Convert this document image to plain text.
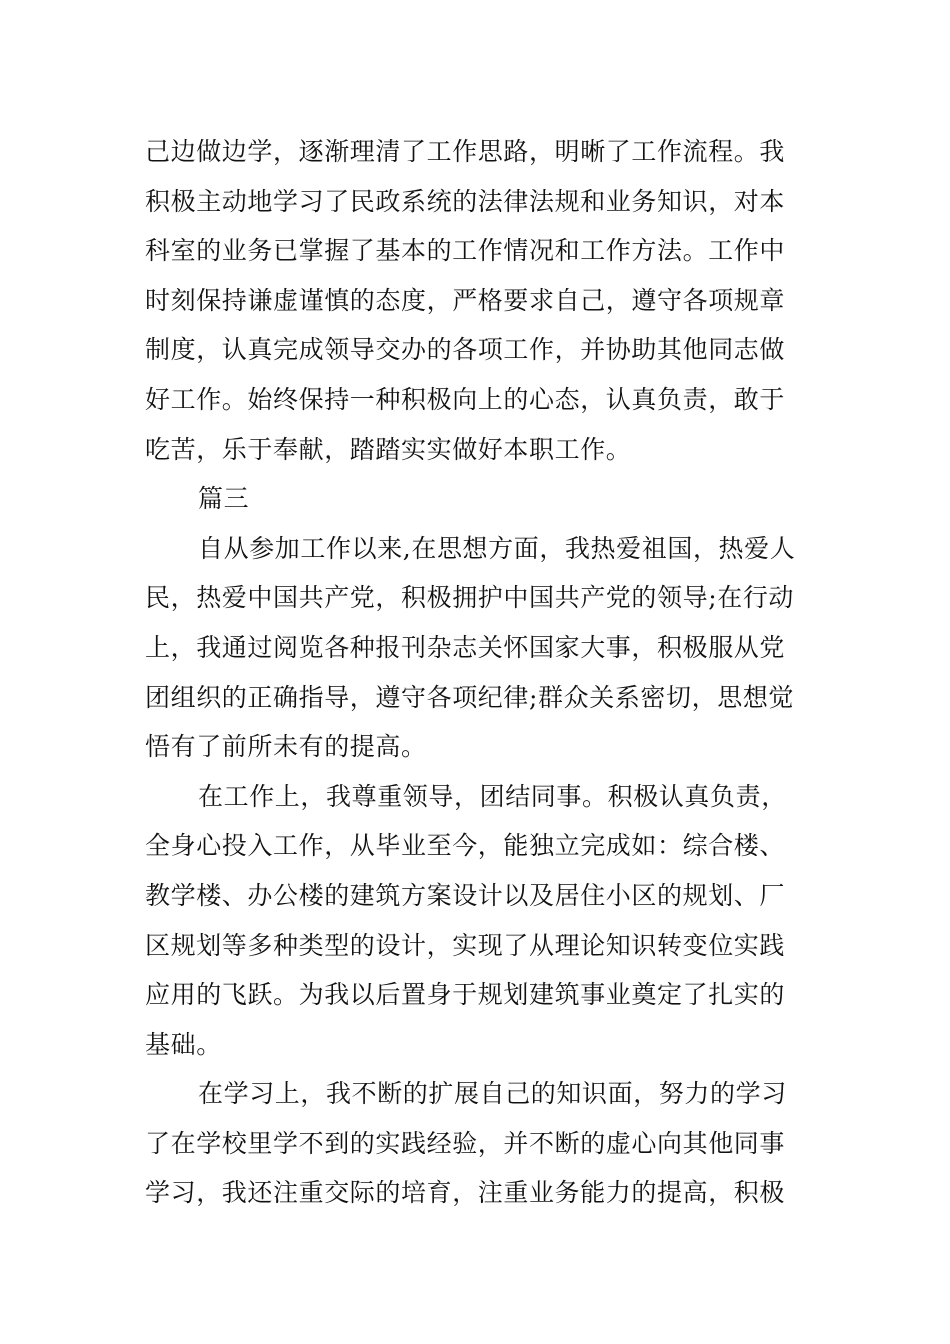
己边做边学，逐渐理清了工作思路，明晰了工作流程。我
积极主动地学习了民政系统的法律法规和业务知识，对本
科室的业务已掌握了基本的工作情况和工作方法。工作中
时刻保持谦虚谨慎的态度，严格要求自己，遵守各项规章
制度，认真完成领导交办的各项工作，并协助其他同志做
好工作。始终保持一种积极向上的心态，认真负责，敢于
吃苦，乐于奉献，踏踏实实做好本职工作。
篇三
自从参加工作以来,在思想方面，我热爱祖国，热爱人
民，热爱中国共产党，积极拥护中国共产党的领导;在行动
上，我通过阅览各种报刊杂志关怀国家大事，积极服从党
团组织的正确指导，遵守各项纪律;群众关系密切，思想觉
悟有了前所未有的提高。
在工作上，我尊重领导，团结同事。积极认真负责，
全身心投入工作，从毕业至今，能独立完成如：综合楼、
教学楼、办公楼的建筑方案设计以及居住小区的规划、厂
区规划等多种类型的设计，实现了从理论知识转变位实践
应用的飞跃。为我以后置身于规划建筑事业奠定了扎实的
基础。
在学习上，我不断的扩展自己的知识面，努力的学习
了在学校里学不到的实践经验，并不断的虚心向其他同事
学习，我还注重交际的培育，注重业务能力的提高，积极
